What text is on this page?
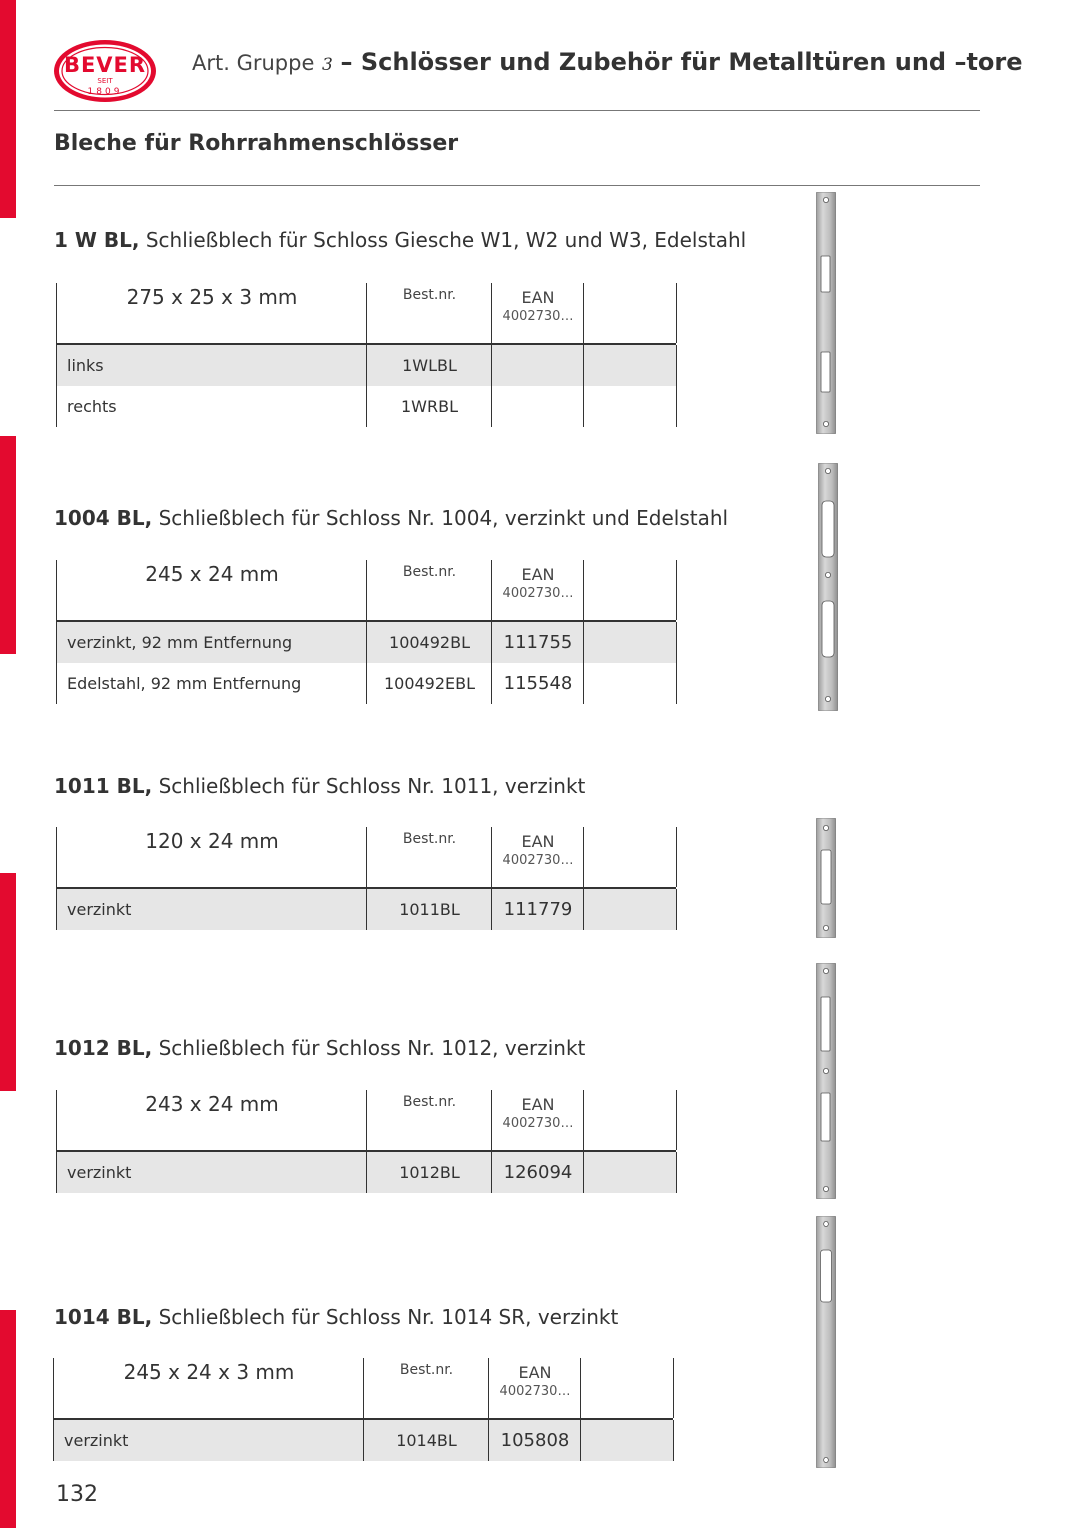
BEVER
SEIT
1809
Art. Gruppe 3 – Schlösser und Zubehör für Metalltüren und –tore
Bleche für Rohrrahmenschlösser
1 W BL, Schließblech für Schloss Giesche W1, W2 und W3, Edelstahl
275 x 25 x 3 mm	Best.nr.	EAN
4002730…
links	1WLBL
rechts	1WRBL
1004 BL, Schließblech für Schloss Nr. 1004, verzinkt und Edelstahl
245 x 24 mm	Best.nr.	EAN
4002730…
verzinkt, 92 mm Entfernung	100492BL	111755
Edelstahl, 92 mm Entfernung	100492EBL	115548
1011 BL, Schließblech für Schloss Nr. 1011, verzinkt
120 x 24 mm	Best.nr.	EAN
4002730…
verzinkt	1011BL	111779
1012 BL, Schließblech für Schloss Nr. 1012, verzinkt
243 x 24 mm	Best.nr.	EAN
4002730…
verzinkt	1012BL	126094
1014 BL, Schließblech für Schloss Nr. 1014 SR, verzinkt
245 x 24 x 3 mm	Best.nr.	EAN
4002730…
verzinkt	1014BL	105808
132
